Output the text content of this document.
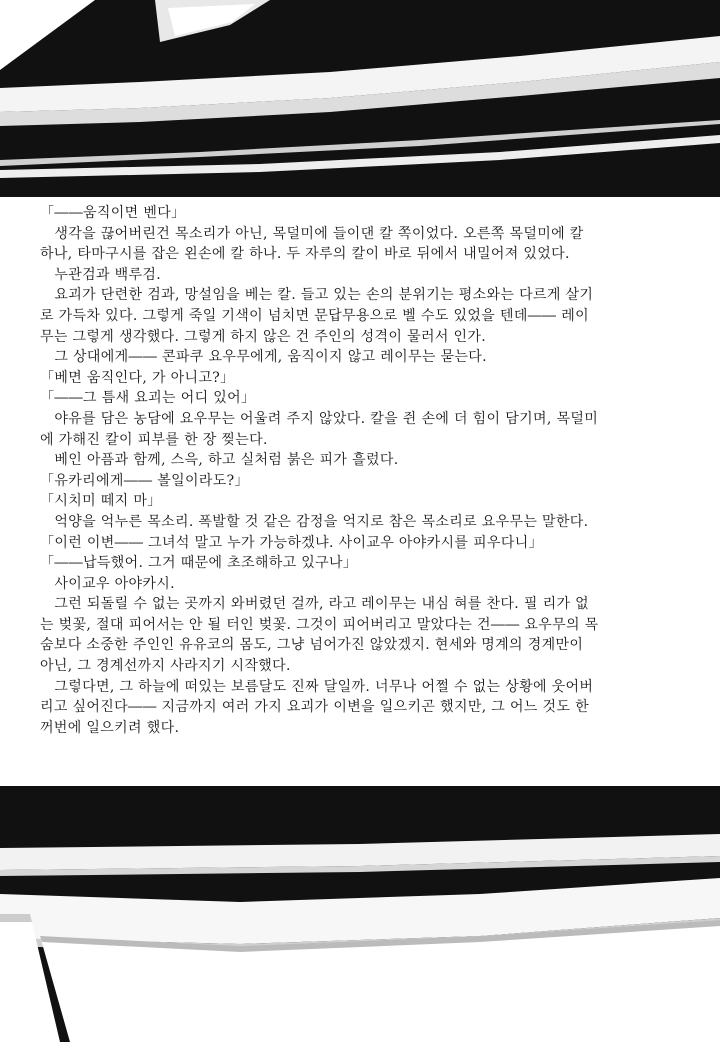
「――움직이면 벤다」
　생각을 끊어버린건 목소리가 아닌, 목덜미에 들이댄 칼 쪽이었다. 오른쪽 목덜미에 칼
하나, 타마구시를 잡은 왼손에 칼 하나. 두 자루의 칼이 바로 뒤에서 내밀어져 있었다.
　누관검과 백루검.
　요괴가 단련한 검과, 망설임을 베는 칼. 들고 있는 손의 분위기는 평소와는 다르게 살기
로 가득차 있다. 그렇게 죽일 기색이 넘치면 문답무용으로 벨 수도 있었을 텐데―― 레이
무는 그렇게 생각했다. 그렇게 하지 않은 건 주인의 성격이 물러서 인가.
　그 상대에게―― 콘파쿠 요우무에게, 움직이지 않고 레이무는 묻는다.
「베면 움직인다, 가 아니고?」
「――그 틈새 요괴는 어디 있어」
　야유를 담은 농담에 요우무는 어울려 주지 않았다. 칼을 쥔 손에 더 힘이 담기며, 목덜미
에 가해진 칼이 피부를 한 장 찢는다.
　베인 아픔과 함께, 스윽, 하고 실처럼 붉은 피가 흘렀다.
「유카리에게―― 볼일이라도?」
「시치미 떼지 마」
　억양을 억누른 목소리. 폭발할 것 같은 감정을 억지로 참은 목소리로 요우무는 말한다.
「이런 이변―― 그녀석 말고 누가 가능하겠냐. 사이교우 아야카시를 피우다니」
「――납득했어. 그거 때문에 초조해하고 있구나」
　사이교우 아야카시.
　그런 되돌릴 수 없는 곳까지 와버렸던 걸까, 라고 레이무는 내심 혀를 찬다. 필 리가 없
는 벚꽃, 절대 피어서는 안 될 터인 벚꽃. 그것이 피어버리고 말았다는 건―― 요우무의 목
숨보다 소중한 주인인 유유코의 몸도, 그냥 넘어가진 않았겠지. 현세와 명계의 경계만이
아닌, 그 경계선까지 사라지기 시작했다.
　그렇다면, 그 하늘에 떠있는 보름달도 진짜 달일까. 너무나 어쩔 수 없는 상황에 웃어버
리고 싶어진다―― 지금까지 여러 가지 요괴가 이변을 일으키곤 했지만, 그 어느 것도 한
꺼번에 일으키려 했다.
